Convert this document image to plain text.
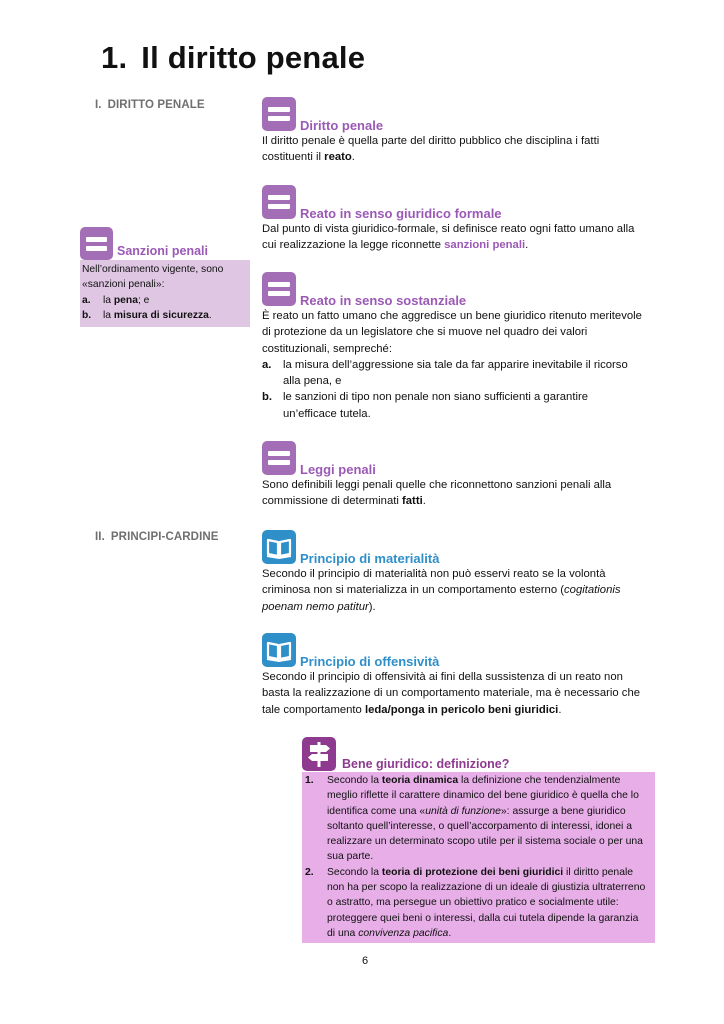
1. Il diritto penale
I. DIRITTO PENALE
II. PRINCIPI-CARDINE
Diritto penale

Il diritto penale è quella parte del diritto pubblico che disciplina i fatti costituenti il reato.

Reato in senso giuridico formale

Dal punto di vista giuridico-formale, si definisce reato ogni fatto umano alla cui realizzazione la legge riconnette sanzioni penali.

Reato in senso sostanziale

È reato un fatto umano che aggredisce un bene giuridico ritenuto meritevole di protezione da un legislatore che si muove nel quadro dei valori costituzionali, sempreché:

a. la misura dell’aggressione sia tale da far apparire inevitabile il ricorso alla pena, e
b. le sanzioni di tipo non penale non siano sufficienti a garantire un’efficace tutela.
Leggi penali

Sono definibili leggi penali quelle che riconnettono sanzioni penali alla commissione di determinati fatti.

Principio di materialità

Secondo il principio di materialità non può esservi reato se la volontà criminosa non si materializza in un comportamento esterno (cogitationis poenam nemo patitur).

Principio di offensività

Secondo il principio di offensività ai fini della sussistenza di un reato non basta la realizzazione di un comportamento materiale, ma è necessario che tale comportamento leda/ponga in pericolo beni giuridici.

Sanzioni penali

Nell’ordinamento vigente, sono «sanzioni penali»:

a. la pena; e
b. la misura di sicurezza.
Bene giuridico: definizione?
1. Secondo la teoria dinamica la definizione che tendenzialmente meglio riflette il carattere dinamico del bene giuridico è quella che lo identifica come una «unità di funzione»: assurge a bene giuridico soltanto quell’interesse, o quell’accorpamento di interessi, idonei a realizzare un determinato scopo utile per il sistema sociale o per una sua parte.
2. Secondo la teoria di protezione dei beni giuridici il diritto penale non ha per scopo la realizzazione di un ideale di giustizia ultraterreno o astratto, ma persegue un obiettivo pratico e socialmente utile: proteggere quei beni o interessi, dalla cui tutela dipende la garanzia di una convivenza pacifica.
6
